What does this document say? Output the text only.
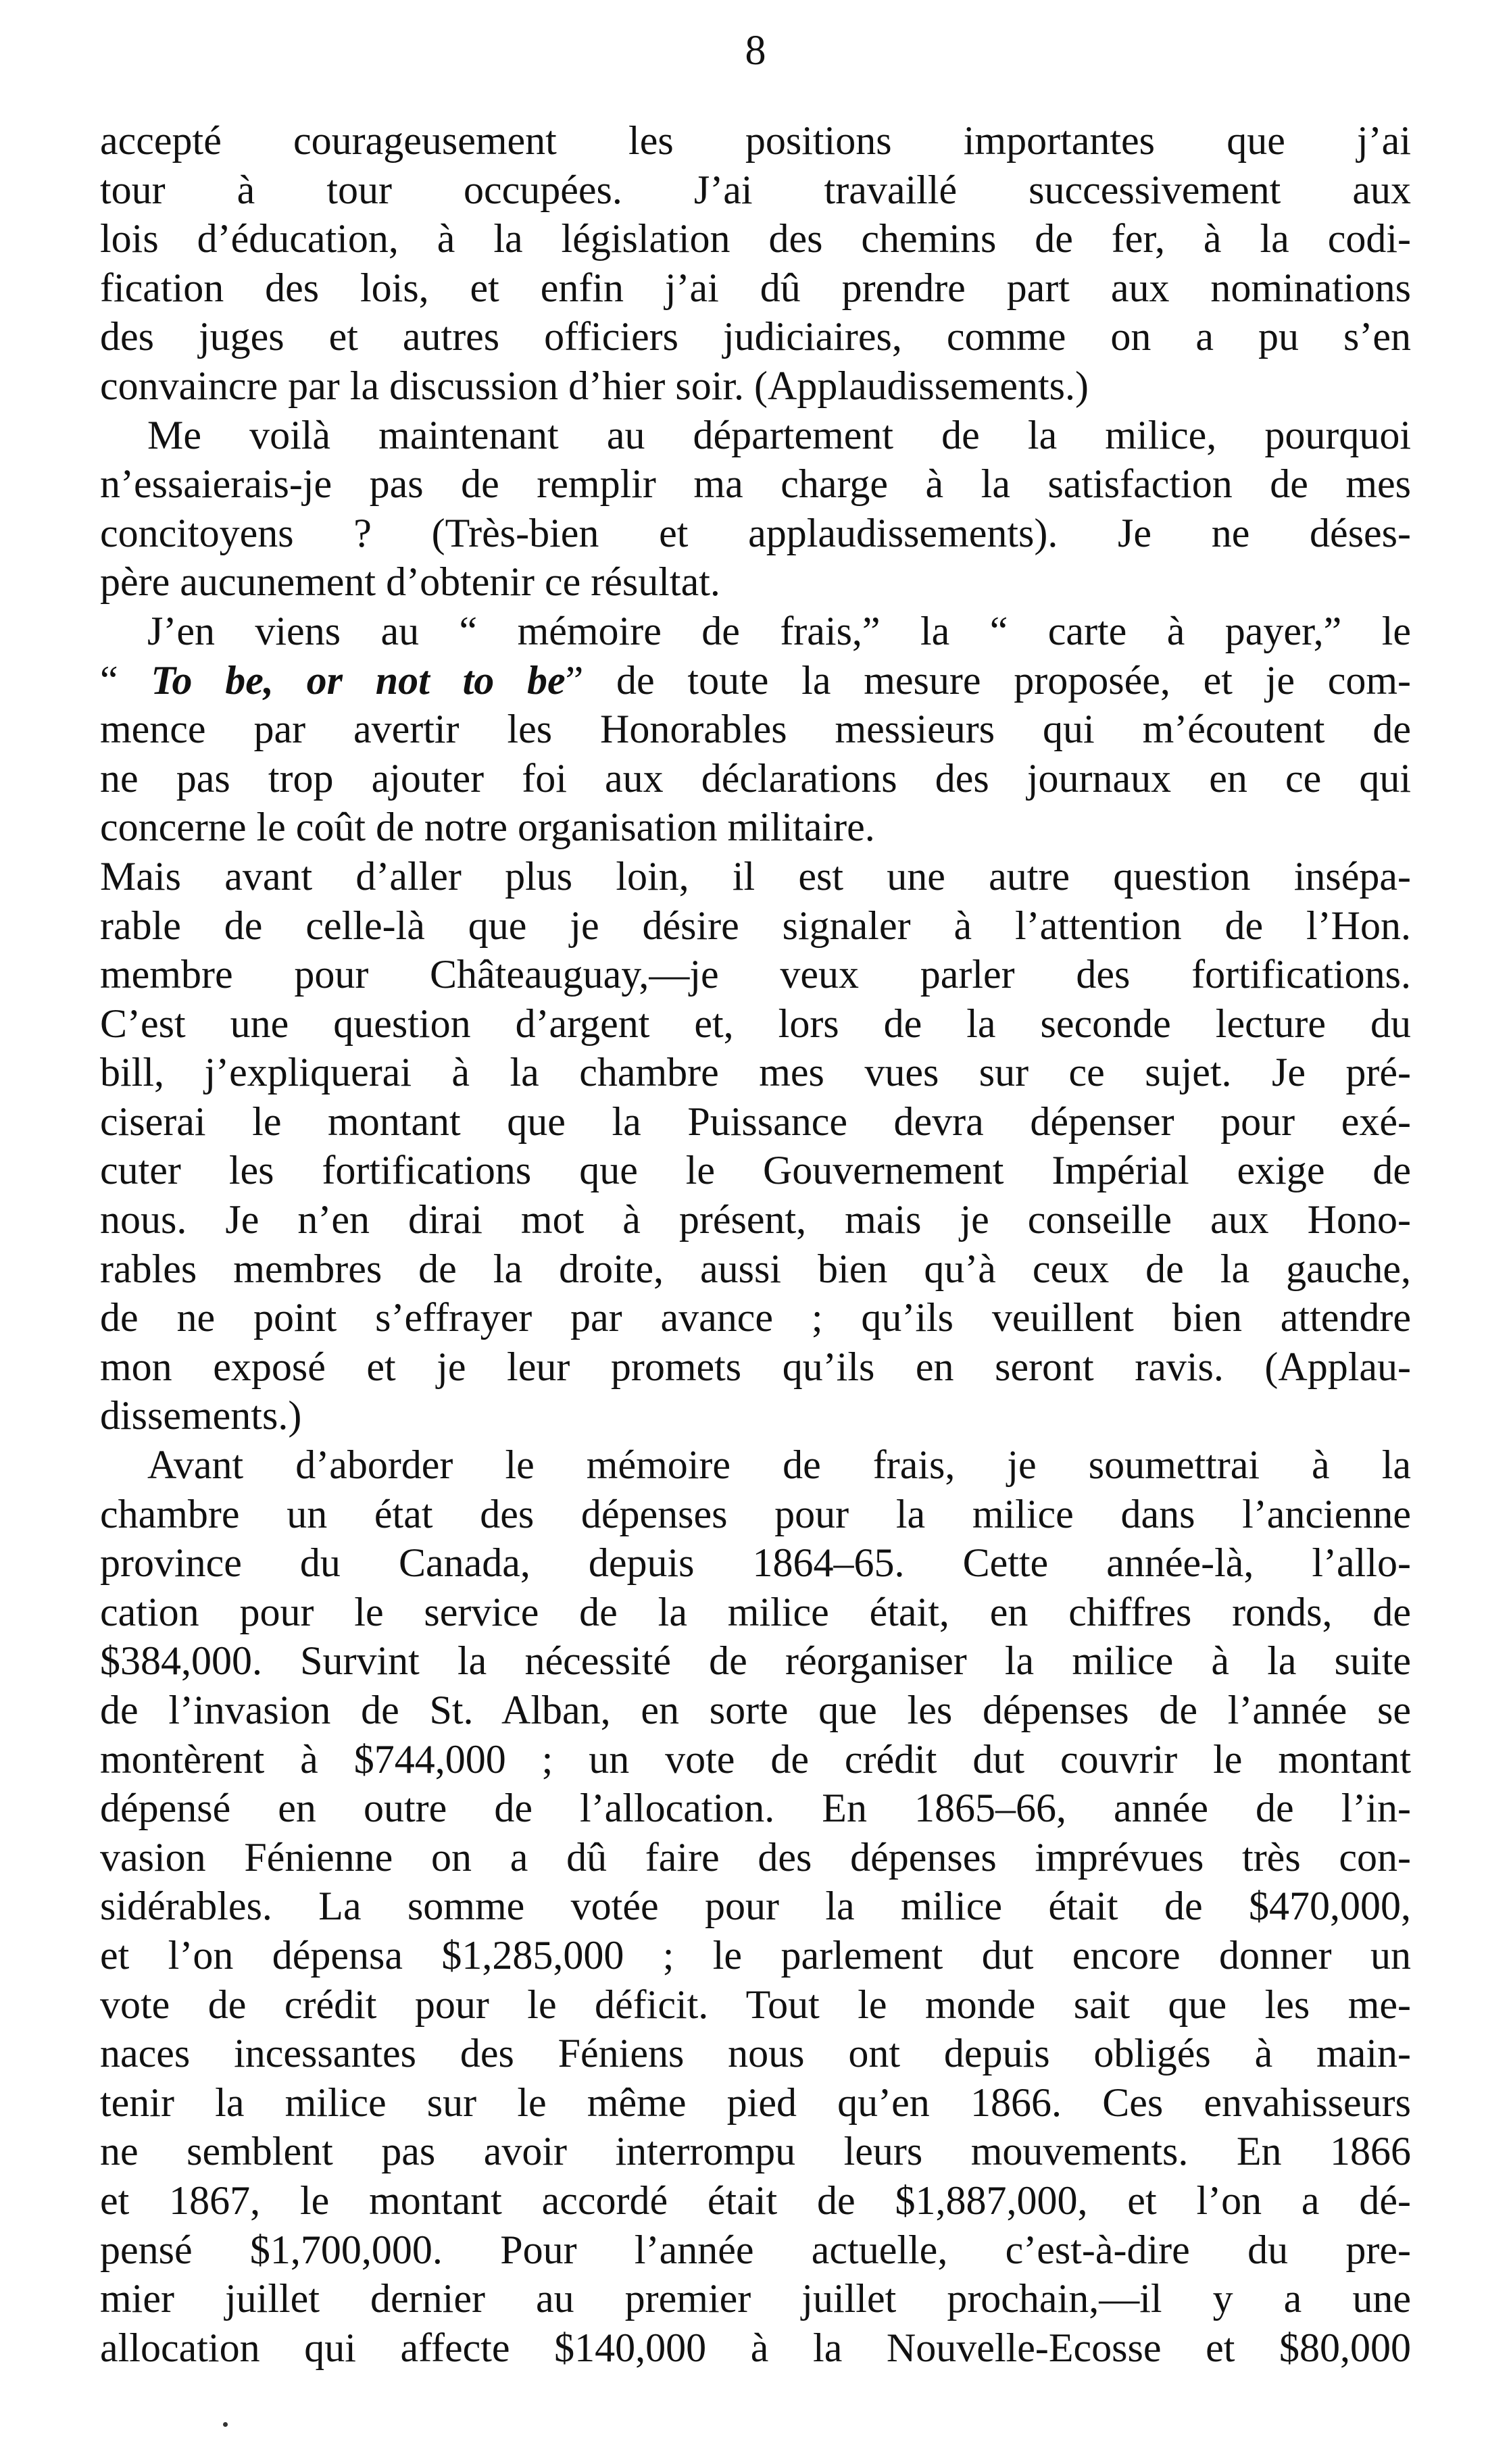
8
accepté courageusement les positions importantes que j’ai
tour à tour occupées. J’ai travaillé successivement aux
lois d’éducation, à la législation des chemins de fer, à la codi-
fication des lois, et enfin j’ai dû prendre part aux nominations
des juges et autres officiers judiciaires, comme on a pu s’en
convaincre par la discussion d’hier soir. (Applaudissements.)
Me voilà maintenant au département de la milice, pourquoi
n’essaierais-je pas de remplir ma charge à la satisfaction de mes
concitoyens ? (Très-bien et applaudissements). Je ne déses-
père aucunement d’obtenir ce résultat.
J’en viens au “ mémoire de frais,” la “ carte à payer,” le
“ To be, or not to be” de toute la mesure proposée, et je com-
mence par avertir les Honorables messieurs qui m’écoutent de
ne pas trop ajouter foi aux déclarations des journaux en ce qui
concerne le coût de notre organisation militaire.
Mais avant d’aller plus loin, il est une autre question insépa-
rable de celle-là que je désire signaler à l’attention de l’Hon.
membre pour Châteauguay,—je veux parler des fortifications.
C’est une question d’argent et, lors de la seconde lecture du
bill, j’expliquerai à la chambre mes vues sur ce sujet. Je pré-
ciserai le montant que la Puissance devra dépenser pour exé-
cuter les fortifications que le Gouvernement Impérial exige de
nous. Je n’en dirai mot à présent, mais je conseille aux Hono-
rables membres de la droite, aussi bien qu’à ceux de la gauche,
de ne point s’effrayer par avance ; qu’ils veuillent bien attendre
mon exposé et je leur promets qu’ils en seront ravis. (Applau-
dissements.)
Avant d’aborder le mémoire de frais, je soumettrai à la
chambre un état des dépenses pour la milice dans l’ancienne
province du Canada, depuis 1864–65. Cette année-là, l’allo-
cation pour le service de la milice était, en chiffres ronds, de
$384,000. Survint la nécessité de réorganiser la milice à la suite
de l’invasion de St. Alban, en sorte que les dépenses de l’année se
montèrent à $744,000 ; un vote de crédit dut couvrir le montant
dépensé en outre de l’allocation. En 1865–66, année de l’in-
vasion Fénienne on a dû faire des dépenses imprévues très con-
sidérables. La somme votée pour la milice était de $470,000,
et l’on dépensa $1,285,000 ; le parlement dut encore donner un
vote de crédit pour le déficit. Tout le monde sait que les me-
naces incessantes des Féniens nous ont depuis obligés à main-
tenir la milice sur le même pied qu’en 1866. Ces envahisseurs
ne semblent pas avoir interrompu leurs mouvements. En 1866
et 1867, le montant accordé était de $1,887,000, et l’on a dé-
pensé $1,700,000. Pour l’année actuelle, c’est-à-dire du pre-
mier juillet dernier au premier juillet prochain,—il y a une
allocation qui affecte $140,000 à la Nouvelle-Ecosse et $80,000
